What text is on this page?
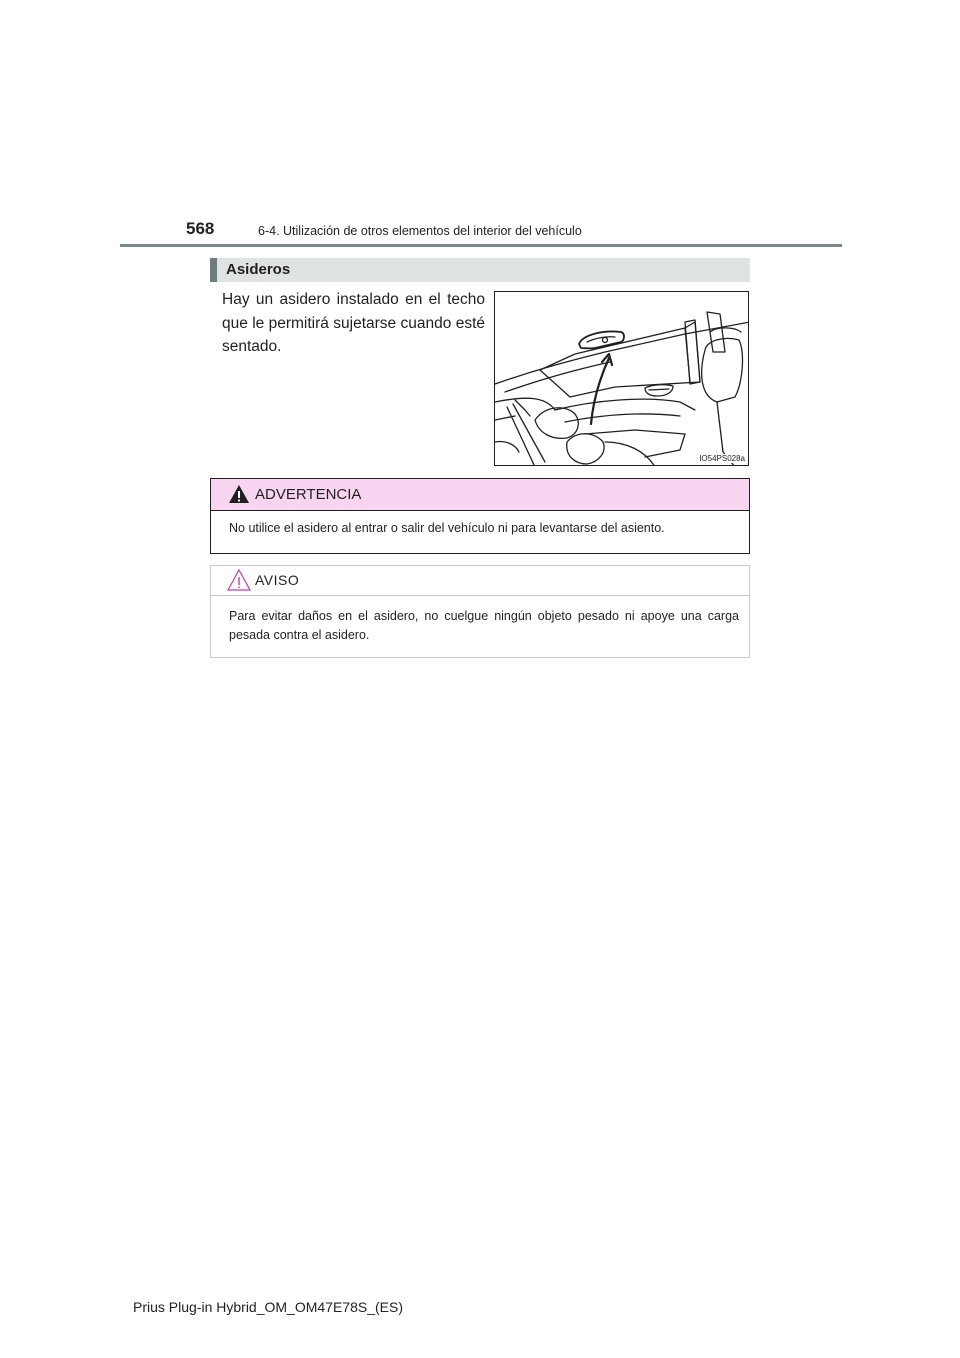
568	6-4. Utilización de otros elementos del interior del vehículo
Asideros
Hay un asidero instalado en el techo que le permitirá sujetarse cuando esté sentado.
IO54PS028a
ADVERTENCIA
No utilice el asidero al entrar o salir del vehículo ni para levantarse del asiento.
AVISO
Para evitar daños en el asidero, no cuelgue ningún objeto pesado ni apoye una carga pesada contra el asidero.
Prius Plug-in Hybrid_OM_OM47E78S_(ES)
